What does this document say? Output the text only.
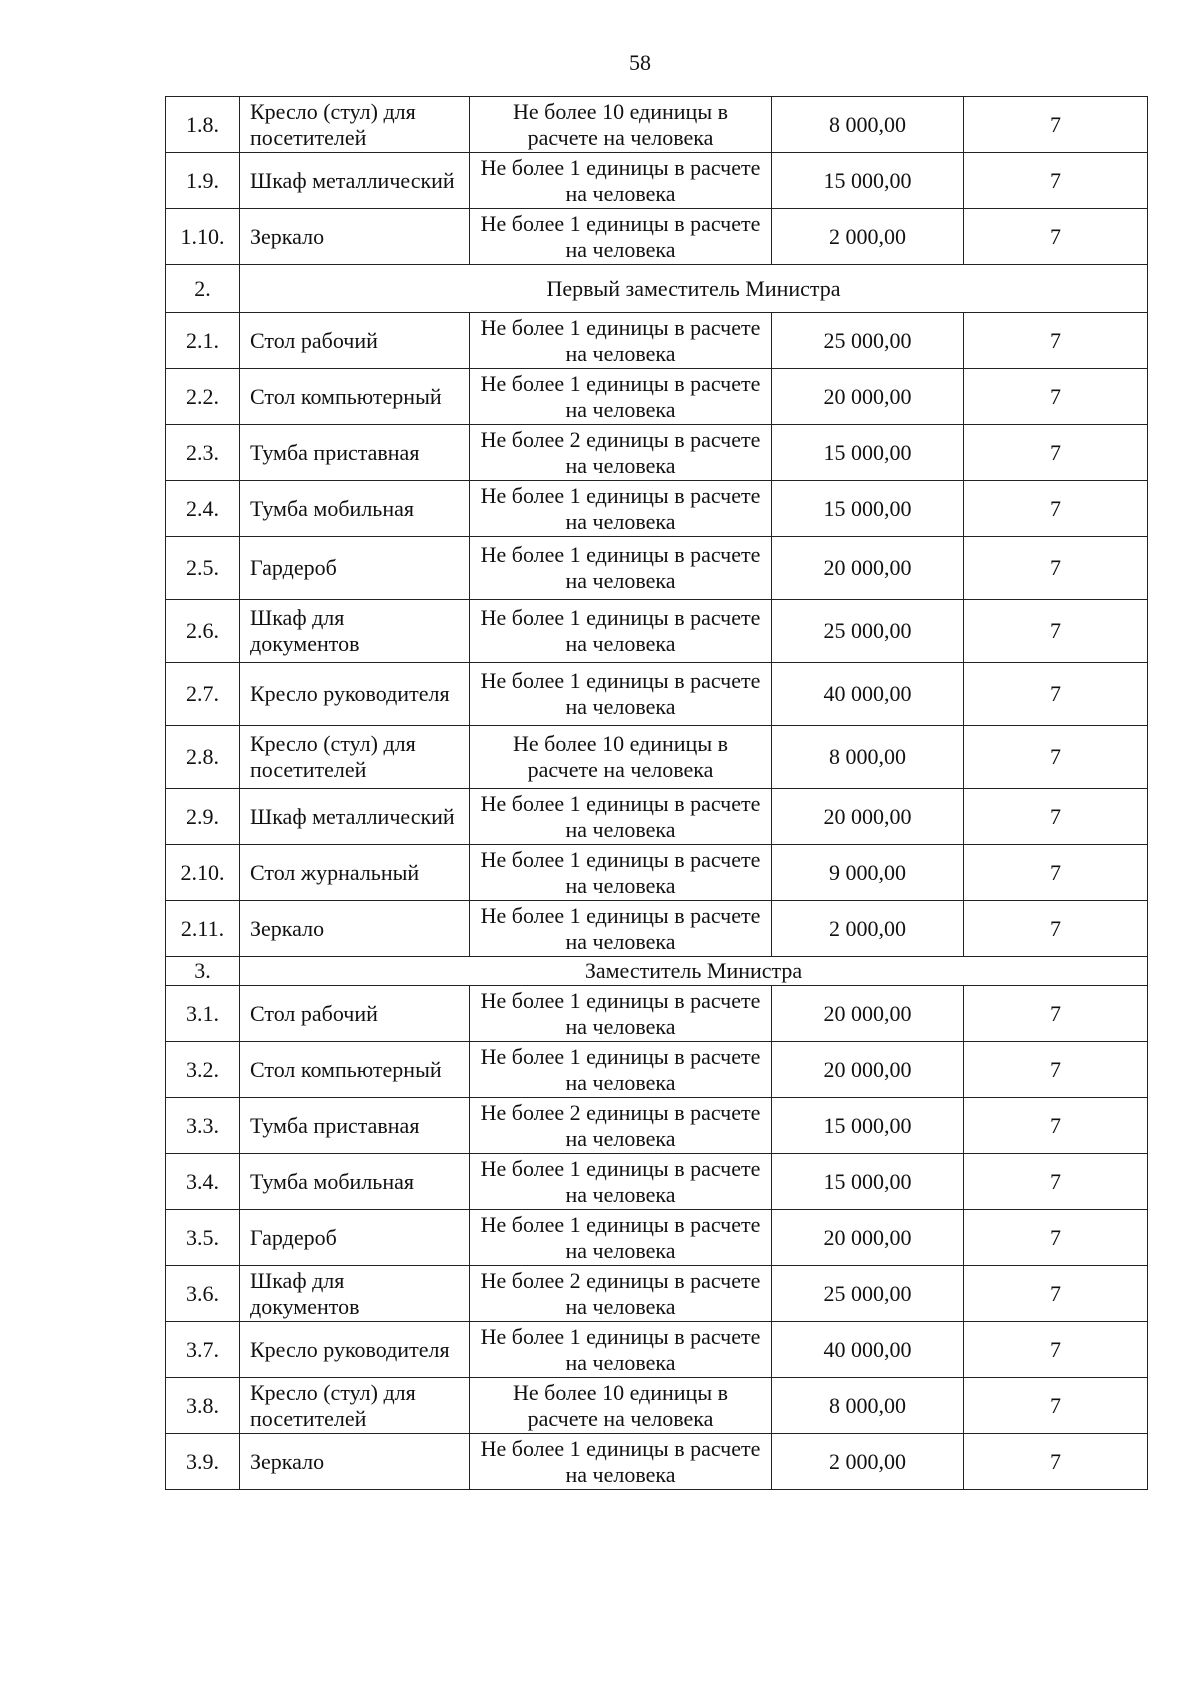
58
1.8.	Кресло (стул) для посетителей	Не более 10 единицы в расчете на человека	8 000,00	7
1.9.	Шкаф металлический	Не более 1 единицы в расчете на человека	15 000,00	7
1.10.	Зеркало	Не более 1 единицы в расчете на человека	2 000,00	7
2.	Первый заместитель Министра			
2.1.	Стол рабочий	Не более 1 единицы в расчете на человека	25 000,00	7
2.2.	Стол компьютерный	Не более 1 единицы в расчете на человека	20 000,00	7
2.3.	Тумба приставная	Не более 2 единицы в расчете на человека	15 000,00	7
2.4.	Тумба мобильная	Не более 1 единицы в расчете на человека	15 000,00	7
2.5.	Гардероб	Не более 1 единицы в расчете на человека	20 000,00	7
2.6.	Шкаф для документов	Не более 1 единицы в расчете на человека	25 000,00	7
2.7.	Кресло руководителя	Не более 1 единицы в расчете на человека	40 000,00	7
2.8.	Кресло (стул) для посетителей	Не более 10 единицы в расчете на человека	8 000,00	7
2.9.	Шкаф металлический	Не более 1 единицы в расчете на человека	20 000,00	7
2.10.	Стол журнальный	Не более 1 единицы в расчете на человека	9 000,00	7
2.11.	Зеркало	Не более 1 единицы в расчете на человека	2 000,00	7
3.	Заместитель Министра			
3.1.	Стол рабочий	Не более 1 единицы в расчете на человека	20 000,00	7
3.2.	Стол компьютерный	Не более 1 единицы в расчете на человека	20 000,00	7
3.3.	Тумба приставная	Не более 2 единицы в расчете на человека	15 000,00	7
3.4.	Тумба мобильная	Не более 1 единицы в расчете на человека	15 000,00	7
3.5.	Гардероб	Не более 1 единицы в расчете на человека	20 000,00	7
3.6.	Шкаф для документов	Не более 2 единицы в расчете на человека	25 000,00	7
3.7.	Кресло руководителя	Не более 1 единицы в расчете на человека	40 000,00	7
3.8.	Кресло (стул) для посетителей	Не более 10 единицы в расчете на человека	8 000,00	7
3.9.	Зеркало	Не более 1 единицы в расчете на человека	2 000,00	7
